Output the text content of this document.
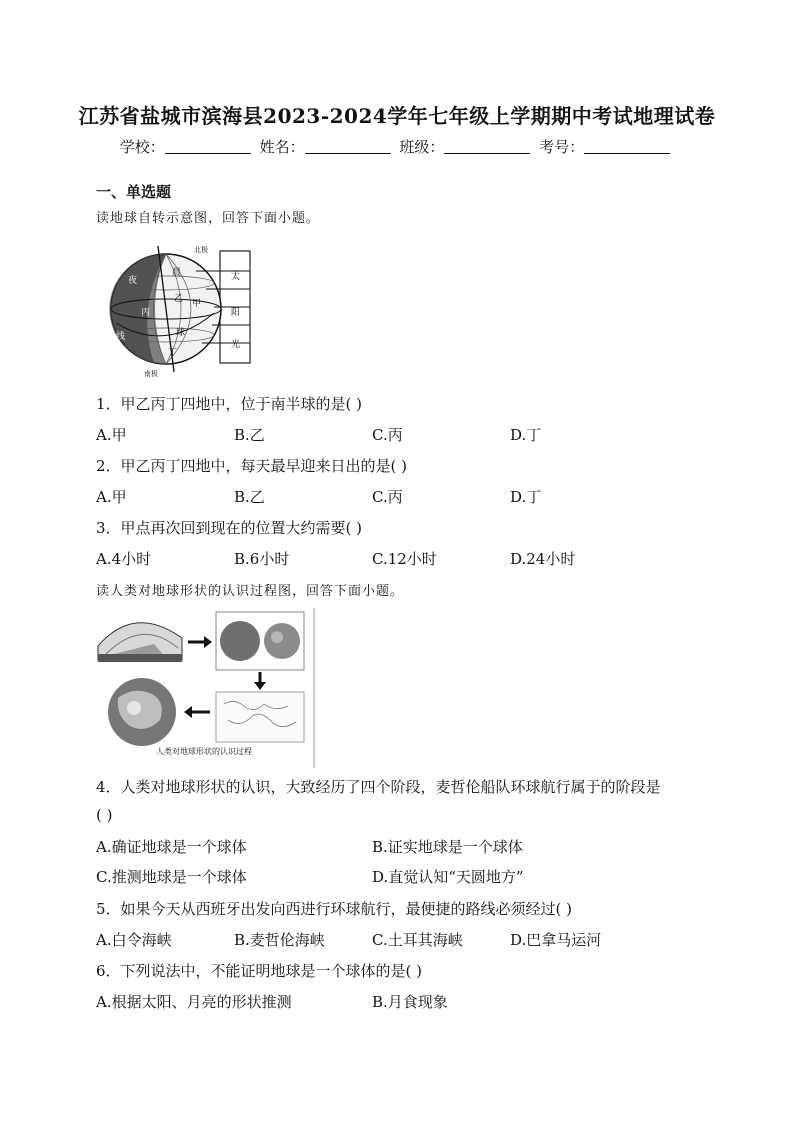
江苏省盐城市滨海县2023-2024学年七年级上学期期中考试地理试卷
学校：	姓名：	班级：	考号：
一、单选题
读地球自转示意图，回答下面小题。
北极
南极
太
阳
光
甲
乙
丙
丁
夜
球
晨
线
1．甲乙丙丁四地中，位于南半球的是( )
A.甲	B.乙	C.丙	D.丁
2．甲乙丙丁四地中，每天最早迎来日出的是( )
A.甲	B.乙	C.丙	D.丁
3．甲点再次回到现在的位置大约需要( )
A.4小时	B.6小时	C.12小时	D.24小时
读人类对地球形状的认识过程图，回答下面小题。
人类对地球形状的认识过程
4．人类对地球形状的认识，大致经历了四个阶段，麦哲伦船队环球航行属于的阶段是
( )
A.确证地球是一个球体	B.证实地球是一个球体
C.推测地球是一个球体	D.直觉认知“天圆地方”
5．如果今天从西班牙出发向西进行环球航行，最便捷的路线必须经过( )
A.白令海峡	B.麦哲伦海峡	C.土耳其海峡	D.巴拿马运河
6．下列说法中，不能证明地球是一个球体的是( )
A.根据太阳、月亮的形状推测	B.月食现象
